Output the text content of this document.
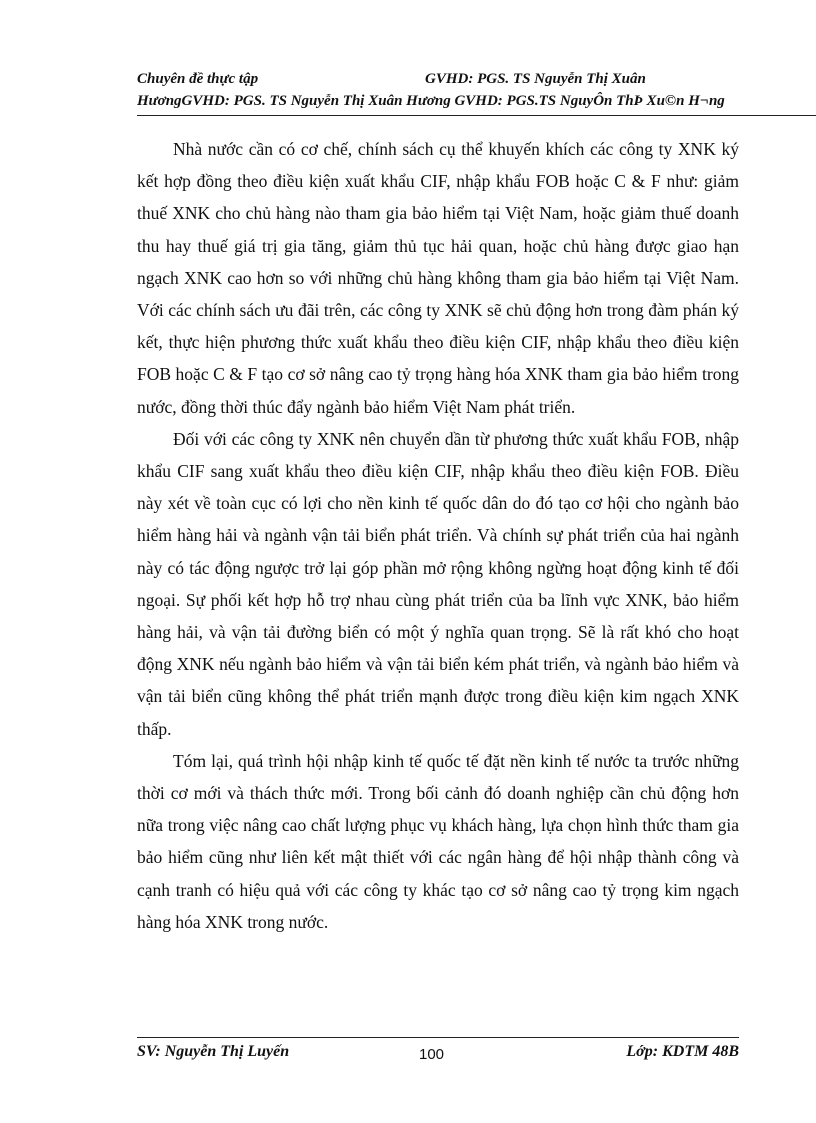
Chuyên đề thực tập	GVHD: PGS. TS Nguyễn Thị Xuân
HươngGVHD: PGS. TS Nguyễn Thị Xuân Hương GVHD: PGS.TS NguyÔn ThÞ Xu©n H¬ng

Nhà nước cần có cơ chế, chính sách cụ thể khuyến khích các công ty XNK ký kết hợp đồng theo điều kiện xuất khẩu CIF, nhập khẩu FOB hoặc C & F như: giảm thuế XNK cho chủ hàng nào tham gia bảo hiểm tại Việt Nam, hoặc giảm thuế doanh thu hay thuế giá trị gia tăng, giảm thủ tục hải quan, hoặc chủ hàng được giao hạn ngạch XNK cao hơn so với những chủ hàng không tham gia bảo hiểm tại Việt Nam. Với các chính sách ưu đãi trên, các công ty XNK sẽ chủ động hơn trong đàm phán ký kết, thực hiện phương thức xuất khẩu theo điều kiện CIF, nhập khẩu theo điều kiện FOB hoặc C & F tạo cơ sở nâng cao tỷ trọng hàng hóa XNK tham gia bảo hiểm trong nước, đồng thời thúc đẩy ngành bảo hiểm Việt Nam phát triển.

Đối với các công ty XNK nên chuyển dần từ phương thức xuất khẩu FOB, nhập khẩu CIF sang xuất khẩu theo điều kiện CIF, nhập khẩu theo điều kiện FOB. Điều này xét về toàn cục có lợi cho nền kinh tế quốc dân do đó tạo cơ hội cho ngành bảo hiểm hàng hải và ngành vận tải biển phát triển. Và chính sự phát triển của hai ngành này có tác động ngược trở lại góp phần mở rộng không ngừng hoạt động kinh tế đối ngoại. Sự phối kết hợp hỗ trợ nhau cùng phát triển của ba lĩnh vực XNK, bảo hiểm hàng hải, và vận tải đường biển có một ý nghĩa quan trọng. Sẽ là rất khó cho hoạt động XNK nếu ngành bảo hiểm và vận tải biển kém phát triển, và ngành bảo hiểm và vận tải biển cũng không thể phát triển mạnh được trong điều kiện kim ngạch XNK thấp.

Tóm lại, quá trình hội nhập kinh tế quốc tế đặt nền kinh tế nước ta trước những thời cơ mới và thách thức mới. Trong bối cảnh đó doanh nghiệp cần chủ động hơn nữa trong việc nâng cao chất lượng phục vụ khách hàng, lựa chọn hình thức tham gia bảo hiểm cũng như liên kết mật thiết với các ngân hàng để hội nhập thành công và cạnh tranh có hiệu quả với các công ty khác tạo cơ sở nâng cao tỷ trọng kim ngạch hàng hóa XNK trong nước.

SV: Nguyễn Thị Luyến	100	Lớp: KDTM 48B
